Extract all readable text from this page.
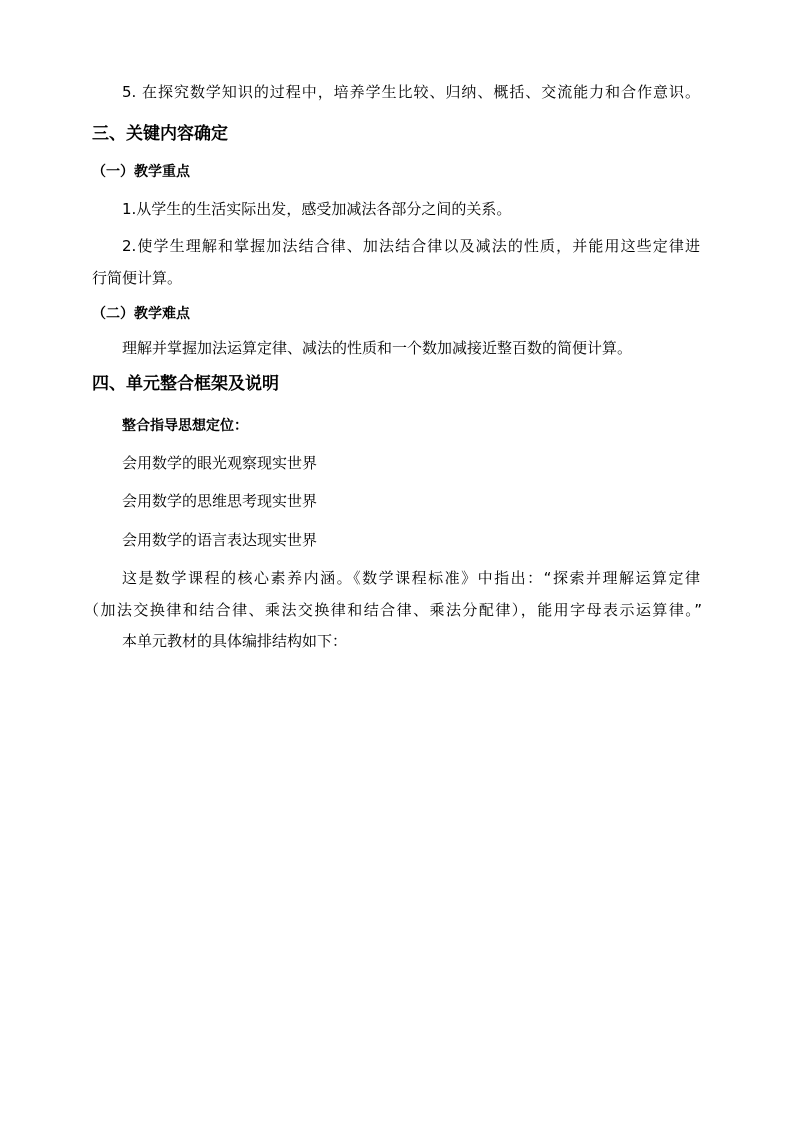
5. 在探究数学知识的过程中，培养学生比较、归纳、概括、交流能力和合作意识。
三、关键内容确定
（一）教学重点
1.从学生的生活实际出发，感受加减法各部分之间的关系。
2.使学生理解和掌握加法结合律、加法结合律以及减法的性质，并能用这些定律进
行简便计算。
（二）教学难点
理解并掌握加法运算定律、减法的性质和一个数加减接近整百数的简便计算。
四、单元整合框架及说明
整合指导思想定位：
会用数学的眼光观察现实世界
会用数学的思维思考现实世界
会用数学的语言表达现实世界
这是数学课程的核心素养内涵。《数学课程标准》中指出：“探索并理解运算定律
（加法交换律和结合律、乘法交换律和结合律、乘法分配律），能用字母表示运算律。”
本单元教材的具体编排结构如下：
